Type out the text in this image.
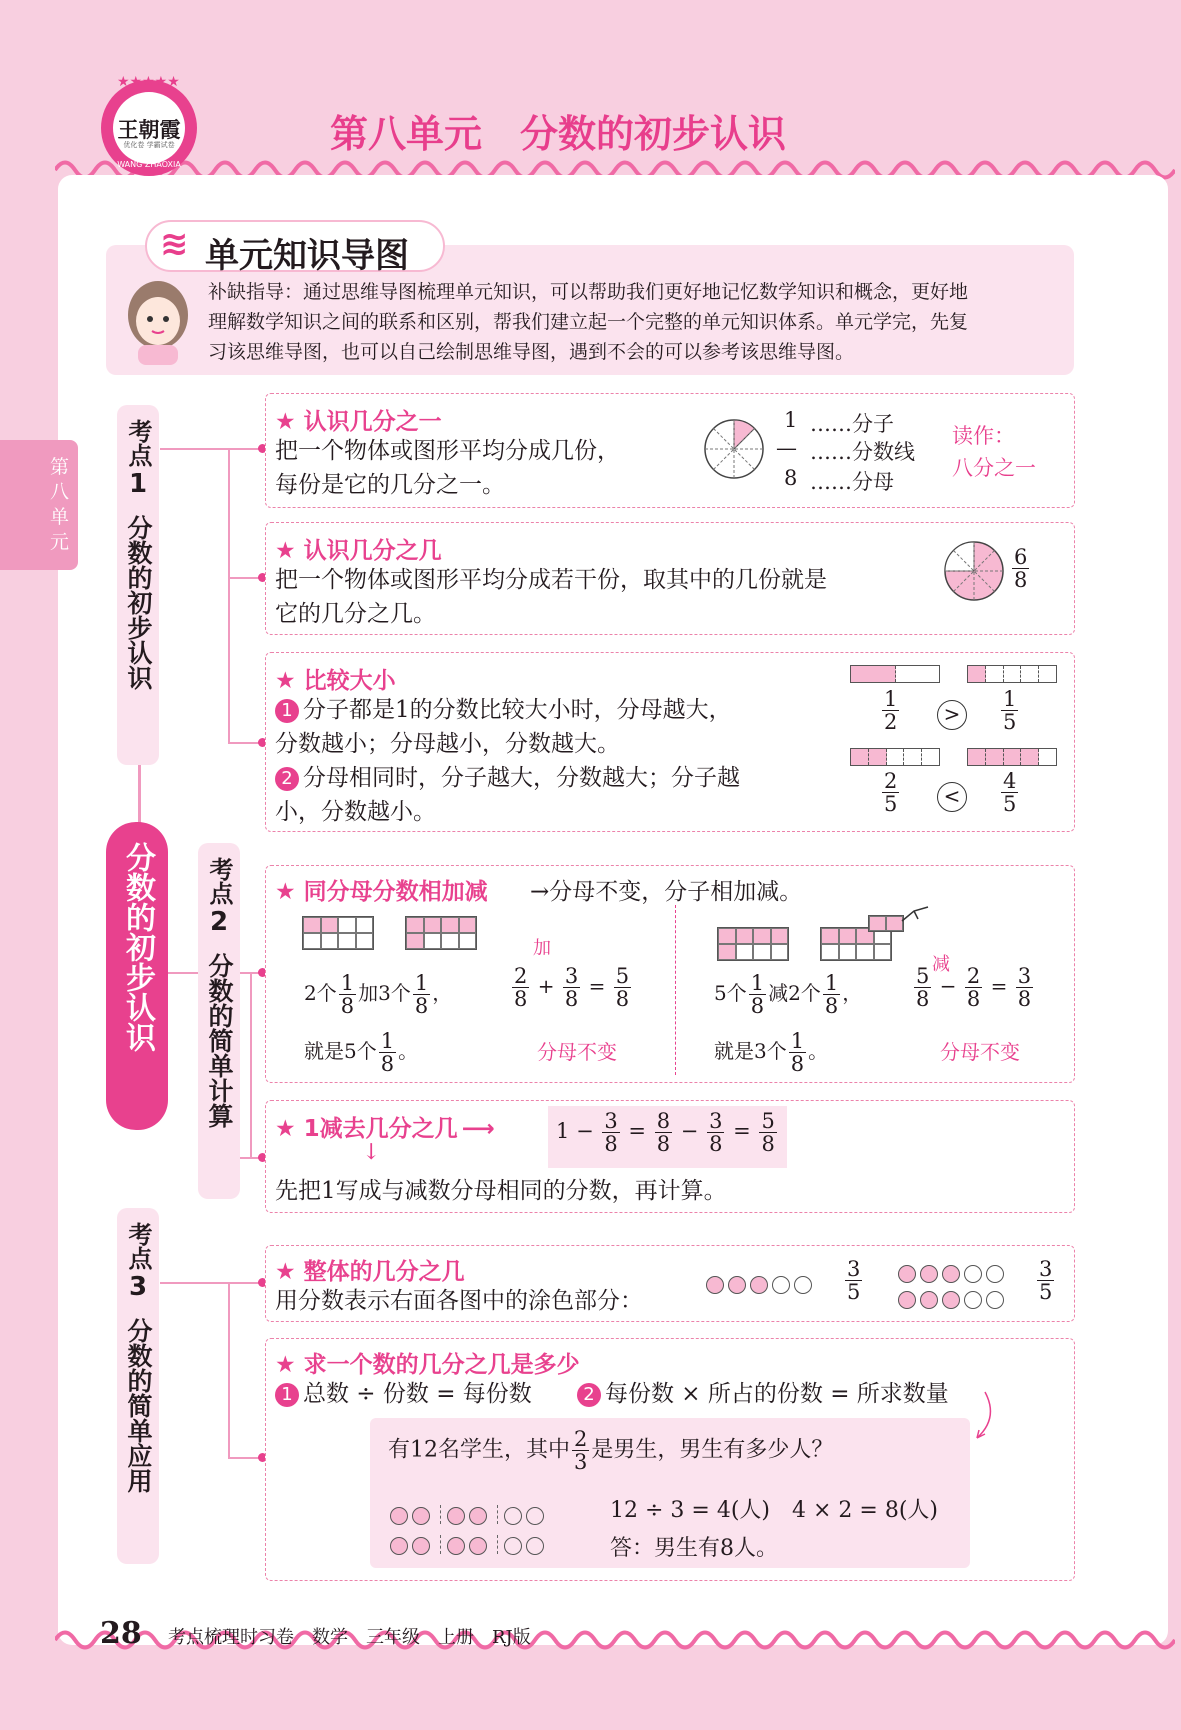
★★★★★
王朝霞
WANG ZHAOXIA
优化卷 学霸试卷	第八单元　分数的初步认识
第八单元
≋ 单元知识导图
补缺指导：通过思维导图梳理单元知识，可以帮助我们更好地记忆数学知识和概念，更好地
理解数学知识之间的联系和区别，帮我们建立起一个完整的单元知识体系。单元学完，先复
习该思维导图，也可以自己绘制思维导图，遇到不会的可以参考该思维导图。
考点
1
分数的初步认识
分数的初步认识 考点
2
分数的简单计算
考点
3
分数的简单应用
★ 认识几分之一
把一个物体或图形平均分成几份，
每份是它的几分之一。
1
—
8
……分子
……分数线
……分母
读作：
八分之一
★ 认识几分之几
把一个物体或图形平均分成若干份，取其中的几份就是
它的几分之几。
$\frac{6}{8}$
★ 比较大小
1 分子都是1的分数比较大小时，分母越大，
分数越小；分母越小，分数越大。
2 分母相同时，分子越大，分数越大；分子越
小，分数越小。
$\frac{1}{2}$	>	$\frac{1}{5}$
$\frac{2}{5}$	<	$\frac{4}{5}$
★ 同分母分数相加减 →分母不变，分子相加减。
2个 $\frac{1}{8}$ 加3个 $\frac{1}{8}$ ，
就是5个 $\frac{1}{8}$ 。
加
$\frac{2}{8} + \frac{3}{8} = \frac{5}{8}$
分母不变
5个 $\frac{1}{8}$ 减2个 $\frac{1}{8}$ ，
就是3个 $\frac{1}{8}$ 。
减
$\frac{5}{8} - \frac{2}{8} = \frac{3}{8}$
分母不变
★ 1减去几分之几 ⟶	$1 - \frac{3}{8} = \frac{8}{8} - \frac{3}{8} = \frac{5}{8}$
↓
先把1写成与减数分母相同的分数，再计算。
★ 整体的几分之几
用分数表示右面各图中的涂色部分：	$\frac{3}{5}$	$\frac{3}{5}$
★ 求一个数的几分之几是多少
1 总数 ÷ 份数 = 每份数	2 每份数 × 所占的份数 = 所求数量
有12名学生，其中 $\frac{2}{3}$ 是男生，男生有多少人？
12 ÷ 3 = 4(人)　4 × 2 = 8(人)
答：男生有8人。
28 考点梳理时习卷　数学　三年级　上册　RJ版
